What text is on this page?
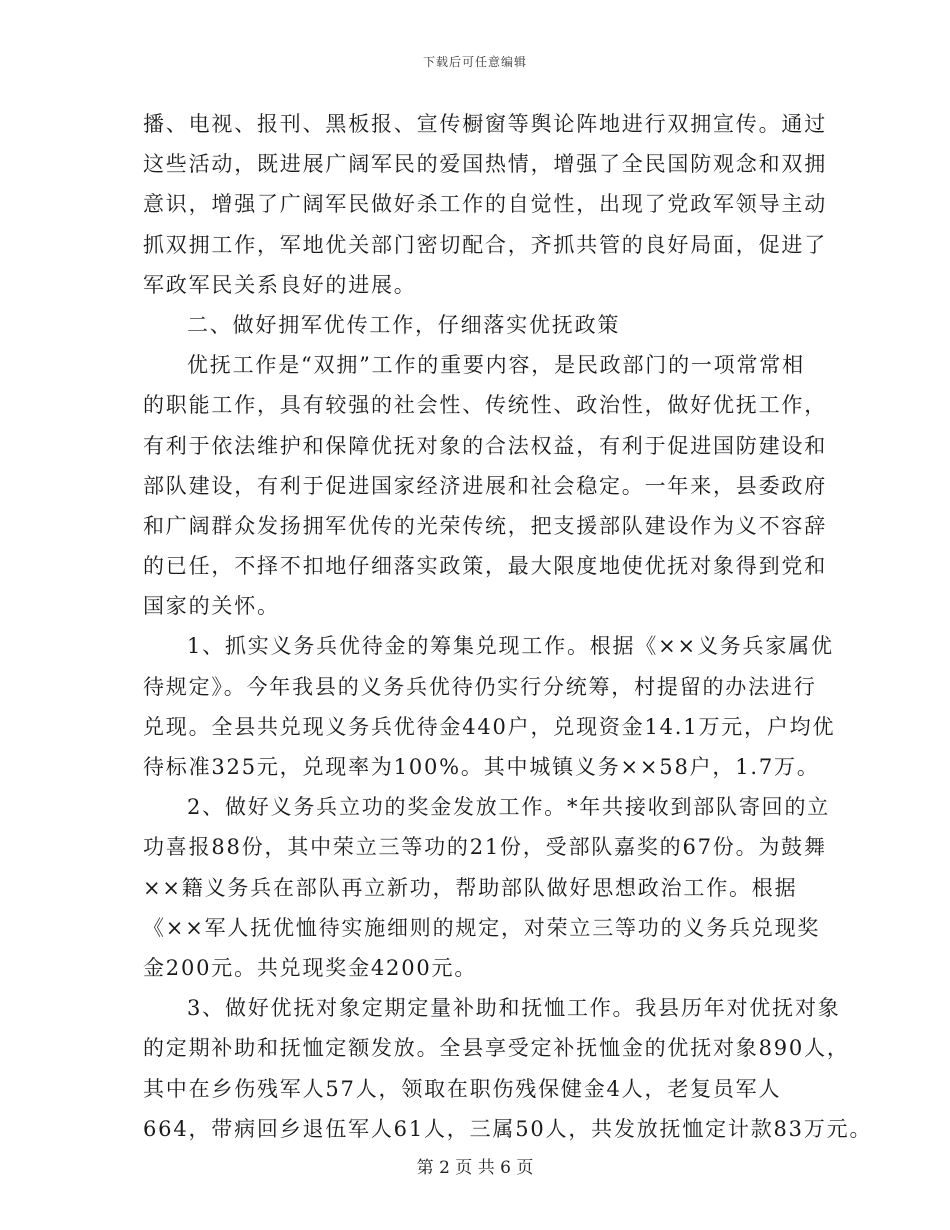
下载后可任意编辑
播、电视、报刊、黑板报、宣传橱窗等舆论阵地进行双拥宣传。通过
这些活动，既进展广阔军民的爱国热情，增强了全民国防观念和双拥
意识，增强了广阔军民做好杀工作的自觉性，出现了党政军领导主动
抓双拥工作，军地优关部门密切配合，齐抓共管的良好局面，促进了
军政军民关系良好的进展。
二、做好拥军优传工作，仔细落实优抚政策
优抚工作是“双拥”工作的重要内容，是民政部门的一项常常相
的职能工作，具有较强的社会性、传统性、政治性，做好优抚工作，
有利于依法维护和保障优抚对象的合法权益，有利于促进国防建设和
部队建设，有利于促进国家经济进展和社会稳定。一年来，县委政府
和广阔群众发扬拥军优传的光荣传统，把支援部队建设作为义不容辞
的已任，不择不扣地仔细落实政策，最大限度地使优抚对象得到党和
国家的关怀。
1、抓实义务兵优待金的筹集兑现工作。根据《××义务兵家属优
待规定》。今年我县的义务兵优待仍实行分统筹，村提留的办法进行
兑现。全县共兑现义务兵优待金440户，兑现资金14.1万元，户均优
待标准325元，兑现率为100%。其中城镇义务××58户，1.7万。
2、做好义务兵立功的奖金发放工作。*年共接收到部队寄回的立
功喜报88份，其中荣立三等功的21份，受部队嘉奖的67份。为鼓舞
××籍义务兵在部队再立新功，帮助部队做好思想政治工作。根据
《××军人抚优恤待实施细则的规定，对荣立三等功的义务兵兑现奖
金200元。共兑现奖金4200元。
3、做好优抚对象定期定量补助和抚恤工作。我县历年对优抚对象
的定期补助和抚恤定额发放。全县享受定补抚恤金的优抚对象890人，
其中在乡伤残军人57人，领取在职伤残保健金4人，老复员军人
664，带病回乡退伍军人61人，三属50人，共发放抚恤定计款83万元。
第 2 页 共 6 页
